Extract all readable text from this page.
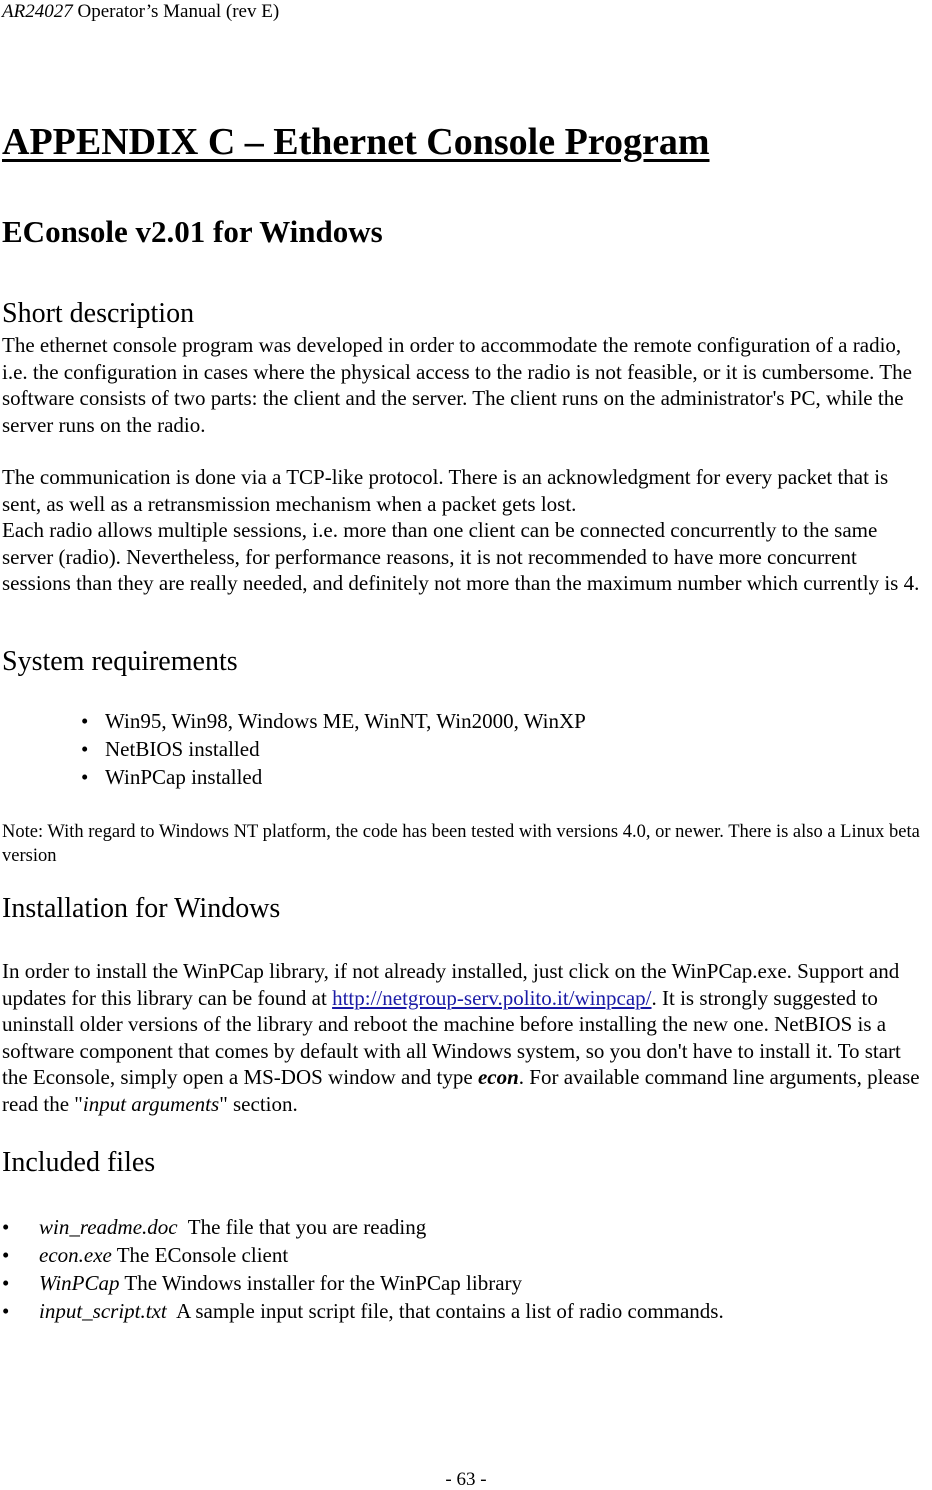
AR24027 Operator’s Manual (rev E)
APPENDIX C – Ethernet Console Program
EConsole v2.01 for Windows
Short description
The ethernet console program was developed in order to accommodate the remote configuration of a radio, i.e. the configuration in cases where the physical access to the radio is not feasible, or it is cumbersome. The software consists of two parts: the client and the server. The client runs on the administrator's PC, while the server runs on the radio.
The communication is done via a TCP-like protocol. There is an acknowledgment for every packet that is sent, as well as a retransmission mechanism when a packet gets lost.
Each radio allows multiple sessions, i.e. more than one client can be connected concurrently to the same server (radio). Nevertheless, for performance reasons, it is not recommended to have more concurrent sessions than they are really needed, and definitely not more than the maximum number which currently is 4.
System requirements
• Win95, Win98, Windows ME, WinNT, Win2000, WinXP
• NetBIOS installed
• WinPCap installed
Note: With regard to Windows NT platform, the code has been tested with versions 4.0, or newer. There is also a Linux beta version
Installation for Windows
In order to install the WinPCap library, if not already installed, just click on the WinPCap.exe. Support and updates for this library can be found at http://netgroup-serv.polito.it/winpcap/. It is strongly suggested to uninstall older versions of the library and reboot the machine before installing the new one. NetBIOS is a software component that comes by default with all Windows system, so you don't have to install it. To start the Econsole, simply open a MS-DOS window and type econ. For available command line arguments, please read the "input arguments" section.
Included files
• win_readme.doc  The file that you are reading
• econ.exe The EConsole client
• WinPCap The Windows installer for the WinPCap library
• input_script.txt  A sample input script file, that contains a list of radio commands.
- 63 -
